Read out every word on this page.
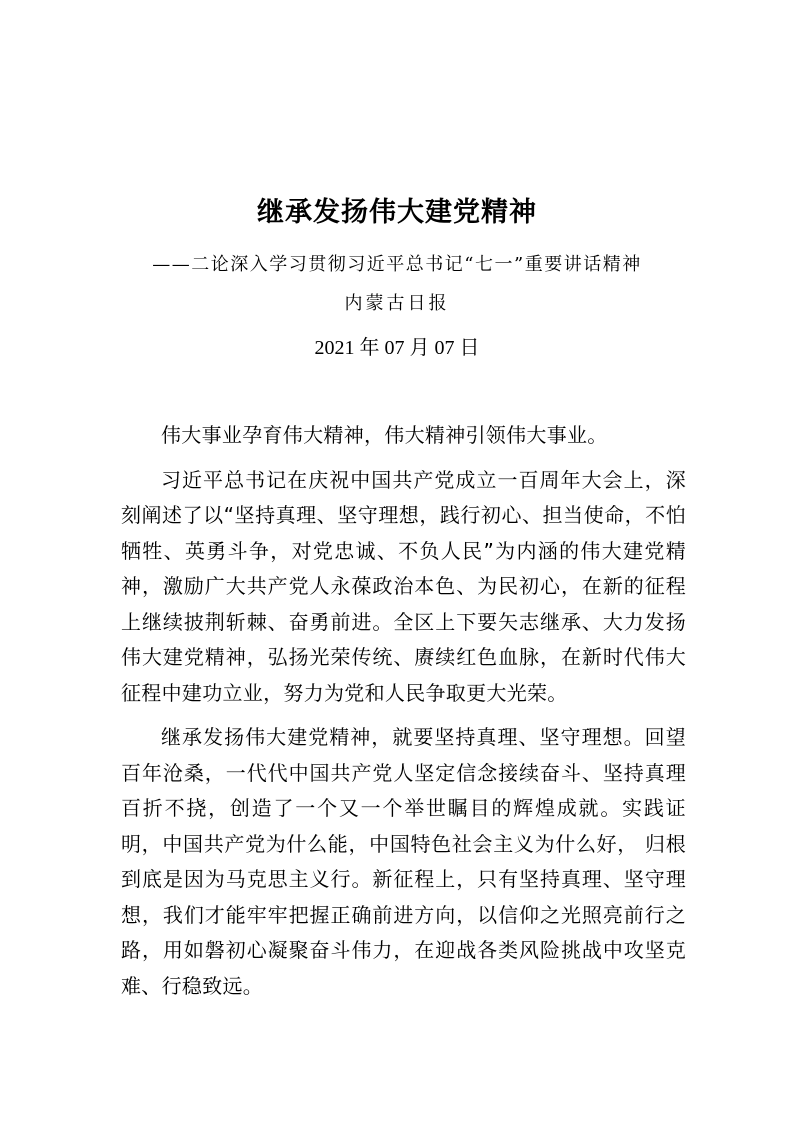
继承发扬伟大建党精神
——二论深入学习贯彻习近平总书记“七一”重要讲话精神
内蒙古日报
2021 年 07 月 07 日

伟大事业孕育伟大精神，伟大精神引领伟大事业。

习近平总书记在庆祝中国共产党成立一百周年大会上，深刻阐述了以“坚持真理、坚守理想，践行初心、担当使命，不怕牺牲、英勇斗争，对党忠诚、不负人民”为内涵的伟大建党精神，激励广大共产党人永葆政治本色、为民初心，在新的征程上继续披荆斩棘、奋勇前进。全区上下要矢志继承、大力发扬伟大建党精神，弘扬光荣传统、赓续红色血脉，在新时代伟大征程中建功立业，努力为党和人民争取更大光荣。

继承发扬伟大建党精神，就要坚持真理、坚守理想。回望百年沧桑，一代代中国共产党人坚定信念接续奋斗、坚持真理百折不挠，创造了一个又一个举世瞩目的辉煌成就。实践证明，中国共产党为什么能，中国特色社会主义为什么好， 归根到底是因为马克思主义行。新征程上，只有坚持真理、坚守理想，我们才能牢牢把握正确前进方向，以信仰之光照亮前行之路，用如磐初心凝聚奋斗伟力，在迎战各类风险挑战中攻坚克难、行稳致远。
